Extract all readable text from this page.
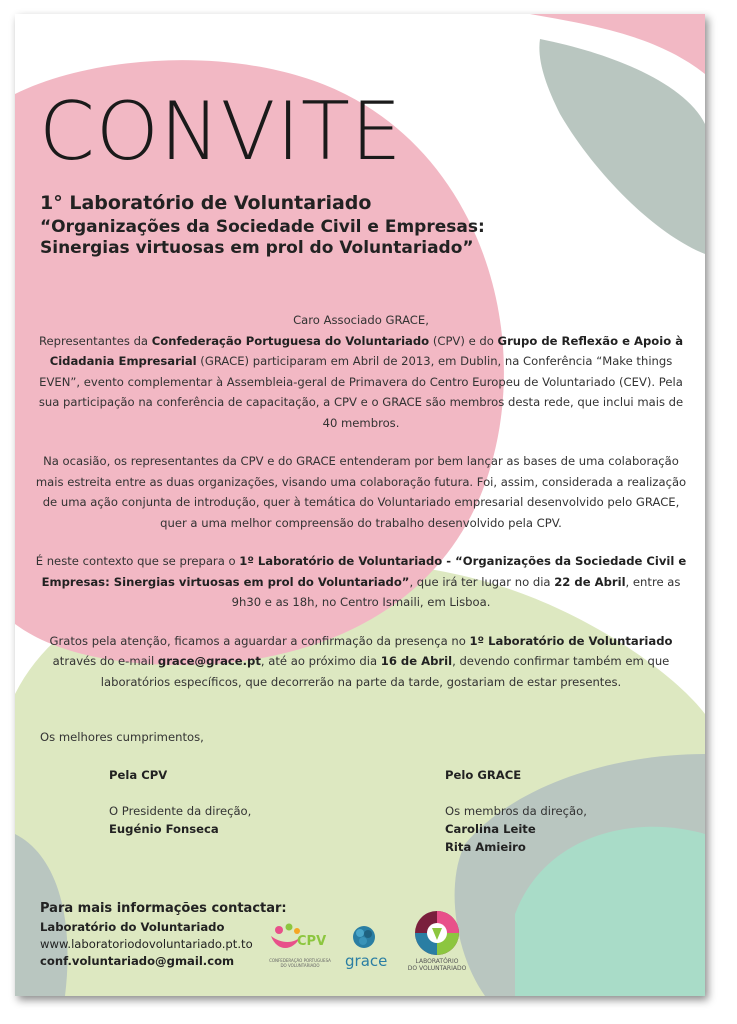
CONVITE
1° Laboratório de Voluntariado
“Organizações da Sociedade Civil e Empresas: Sinergias virtuosas em prol do Voluntariado”
Caro Associado GRACE,

Representantes da Confederação Portuguesa do Voluntariado (CPV) e do Grupo de Reflexão e Apoio à Cidadania Empresarial (GRACE) participaram em Abril de 2013, em Dublin, na Conferência “Make things EVEN”, evento complementar à Assembleia-geral de Primavera do Centro Europeu de Voluntariado (CEV). Pela sua participação na conferência de capacitação, a CPV e o GRACE são membros desta rede, que inclui mais de 40 membros.

Na ocasião, os representantes da CPV e do GRACE entenderam por bem lançar as bases de uma colaboração mais estreita entre as duas organizações, visando uma colaboração futura. Foi, assim, considerada a realização de uma ação conjunta de introdução, quer à temática do Voluntariado empresarial desenvolvido pelo GRACE, quer a uma melhor compreensão do trabalho desenvolvido pela CPV.

É neste contexto que se prepara o 1º Laboratório de Voluntariado - “Organizações da Sociedade Civil e Empresas: Sinergias virtuosas em prol do Voluntariado”, que irá ter lugar no dia 22 de Abril, entre as 9h30 e as 18h, no Centro Ismaili, em Lisboa.

Gratos pela atenção, ficamos a aguardar a confirmação da presença no 1º Laboratório de Voluntariado através do e-mail grace@grace.pt, até ao próximo dia 16 de Abril, devendo confirmar também em que laboratórios específicos, que decorrerão na parte da tarde, gostariam de estar presentes.

Os melhores cumprimentos,
Pela CPV
O Presidente da direção,
Eugénio Fonseca
Pelo GRACE
Os membros da direção,
Carolina Leite
Rita Amieiro
Para mais informações contactar:
Laboratório do Voluntariado
www.laboratoriodovoluntariado.pt.to
conf.voluntariado@gmail.com
CPV
CONFEDERAÇÃO PORTUGUESA DO VOLUNTARIADO	grace	LABORATÓRIO
DO VOLUNTARIADO
